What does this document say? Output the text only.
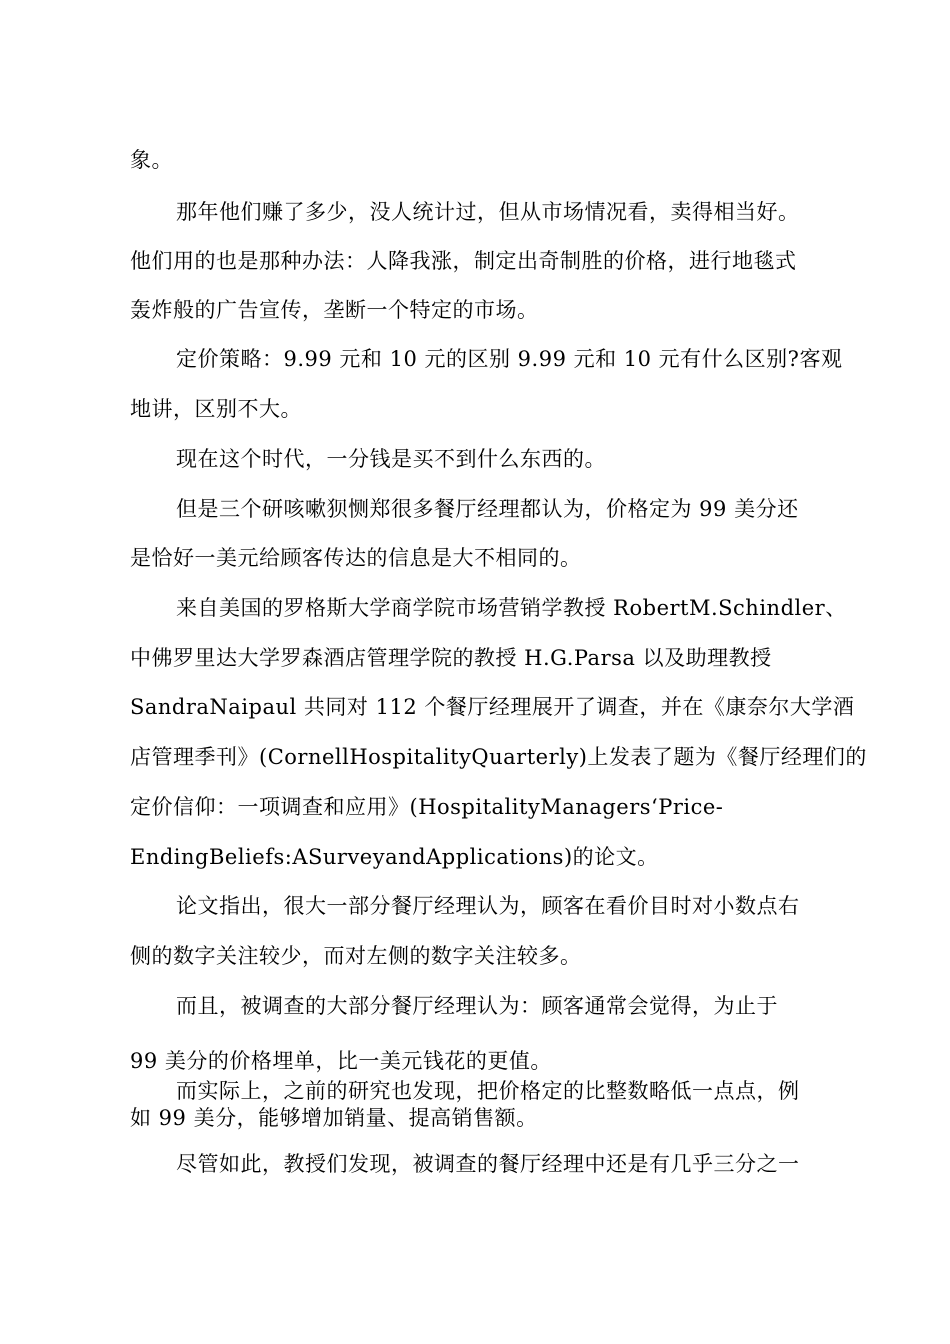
象。
那年他们赚了多少，没人统计过，但从市场情况看，卖得相当好。
他们用的也是那种办法：人降我涨，制定出奇制胜的价格，进行地毯式
轰炸般的广告宣传，垄断一个特定的市场。
定价策略：9.99 元和 10 元的区别 9.99 元和 10 元有什么区别?客观
地讲，区别不大。
现在这个时代，一分钱是买不到什么东西的。
但是三个研咳嗽狈恻郑很多餐厅经理都认为，价格定为 99 美分还
是恰好一美元给顾客传达的信息是大不相同的。
来自美国的罗格斯大学商学院市场营销学教授 RobertM.Schindler、
中佛罗里达大学罗森酒店管理学院的教授 H.G.Parsa 以及助理教授
SandraNaipaul 共同对 112 个餐厅经理展开了调查，并在《康奈尔大学酒
店管理季刊》(CornellHospitalityQuarterly)上发表了题为《餐厅经理们的
定价信仰：一项调查和应用》(HospitalityManagers‘Price-
EndingBeliefs:ASurveyandApplications)的论文。
论文指出，很大一部分餐厅经理认为，顾客在看价目时对小数点右
侧的数字关注较少，而对左侧的数字关注较多。
而且，被调查的大部分餐厅经理认为：顾客通常会觉得，为止于
99 美分的价格埋单，比一美元钱花的更值。
而实际上，之前的研究也发现，把价格定的比整数略低一点点，例
如 99 美分，能够增加销量、提高销售额。
尽管如此，教授们发现，被调查的餐厅经理中还是有几乎三分之一
